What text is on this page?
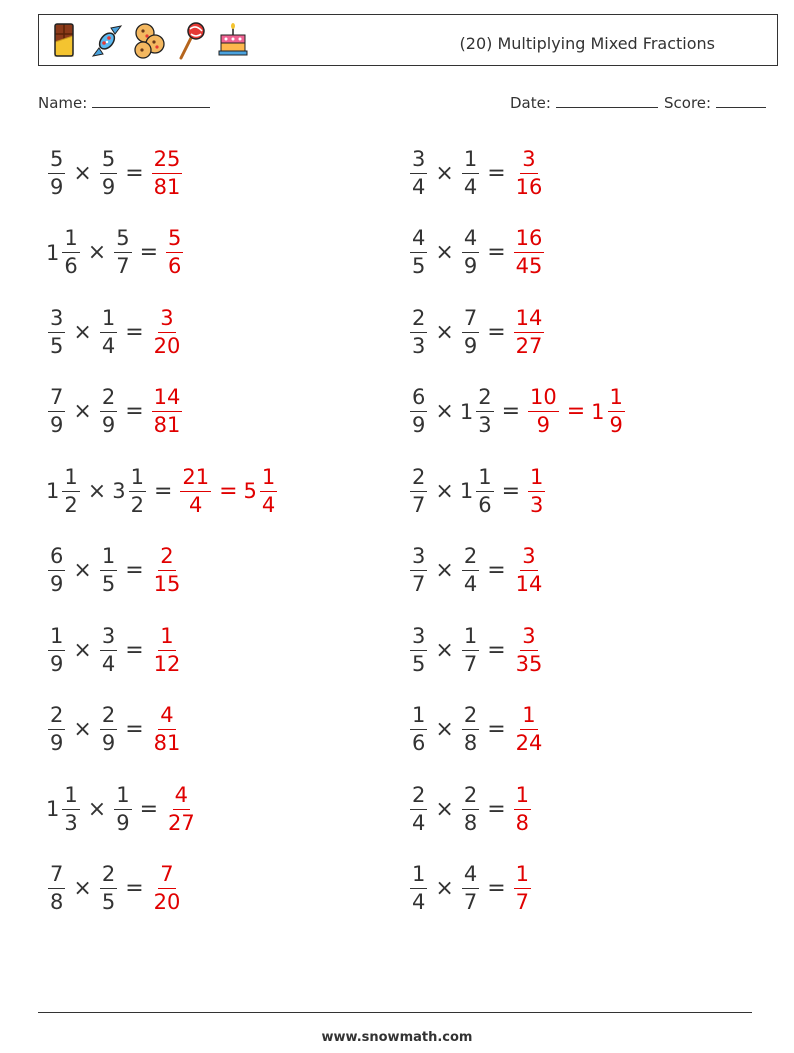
(20) Multiplying Mixed Fractions
Name:	Date:	Score:
$\frac{5}{9} \times \frac{5}{9} = \frac{25}{81}$	$\frac{3}{4} \times \frac{1}{4} = \frac{3}{16}$
$1 \frac{1}{6} \times \frac{5}{7} = \frac{5}{6}$	$\frac{4}{5} \times \frac{4}{9} = \frac{16}{45}$
$\frac{3}{5} \times \frac{1}{4} = \frac{3}{20}$	$\frac{2}{3} \times \frac{7}{9} = \frac{14}{27}$
$\frac{7}{9} \times \frac{2}{9} = \frac{14}{81}$	$\frac{6}{9} \times 1 \frac{2}{3} = \frac{10}{9} = 1 \frac{1}{9}$
$1 \frac{1}{2} \times 3 \frac{1}{2} = \frac{21}{4} = 5 \frac{1}{4}$	$\frac{2}{7} \times 1 \frac{1}{6} = \frac{1}{3}$
$\frac{6}{9} \times \frac{1}{5} = \frac{2}{15}$	$\frac{3}{7} \times \frac{2}{4} = \frac{3}{14}$
$\frac{1}{9} \times \frac{3}{4} = \frac{1}{12}$	$\frac{3}{5} \times \frac{1}{7} = \frac{3}{35}$
$\frac{2}{9} \times \frac{2}{9} = \frac{4}{81}$	$\frac{1}{6} \times \frac{2}{8} = \frac{1}{24}$
$1 \frac{1}{3} \times \frac{1}{9} = \frac{4}{27}$	$\frac{2}{4} \times \frac{2}{8} = \frac{1}{8}$
$\frac{7}{8} \times \frac{2}{5} = \frac{7}{20}$	$\frac{1}{4} \times \frac{4}{7} = \frac{1}{7}$
www.snowmath.com
